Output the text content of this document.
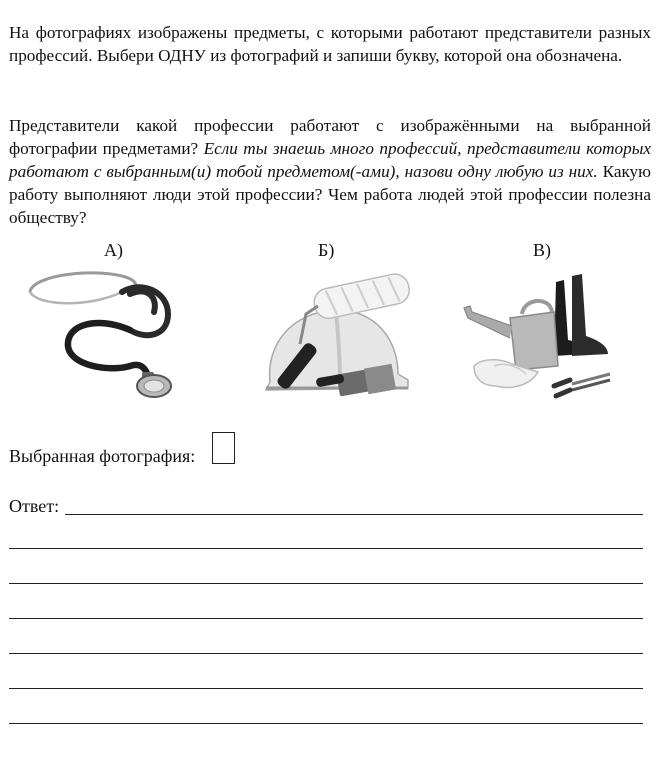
На фотографиях изображены предметы, с которыми работают представители разных профессий. Выбери ОДНУ из фотографий и запиши букву, которой она обозначена.
Представители какой профессии работают с изображёнными на выбранной фотографии предметами? Если ты знаешь много профессий, представители которых работают с выбранным(и) тобой предметом(-ами), назови одну любую из них. Какую работу выполняют люди этой профессии? Чем работа людей этой профессии полезна обществу?
А)	Б)	В)
Выбранная фотография:
Ответ:
